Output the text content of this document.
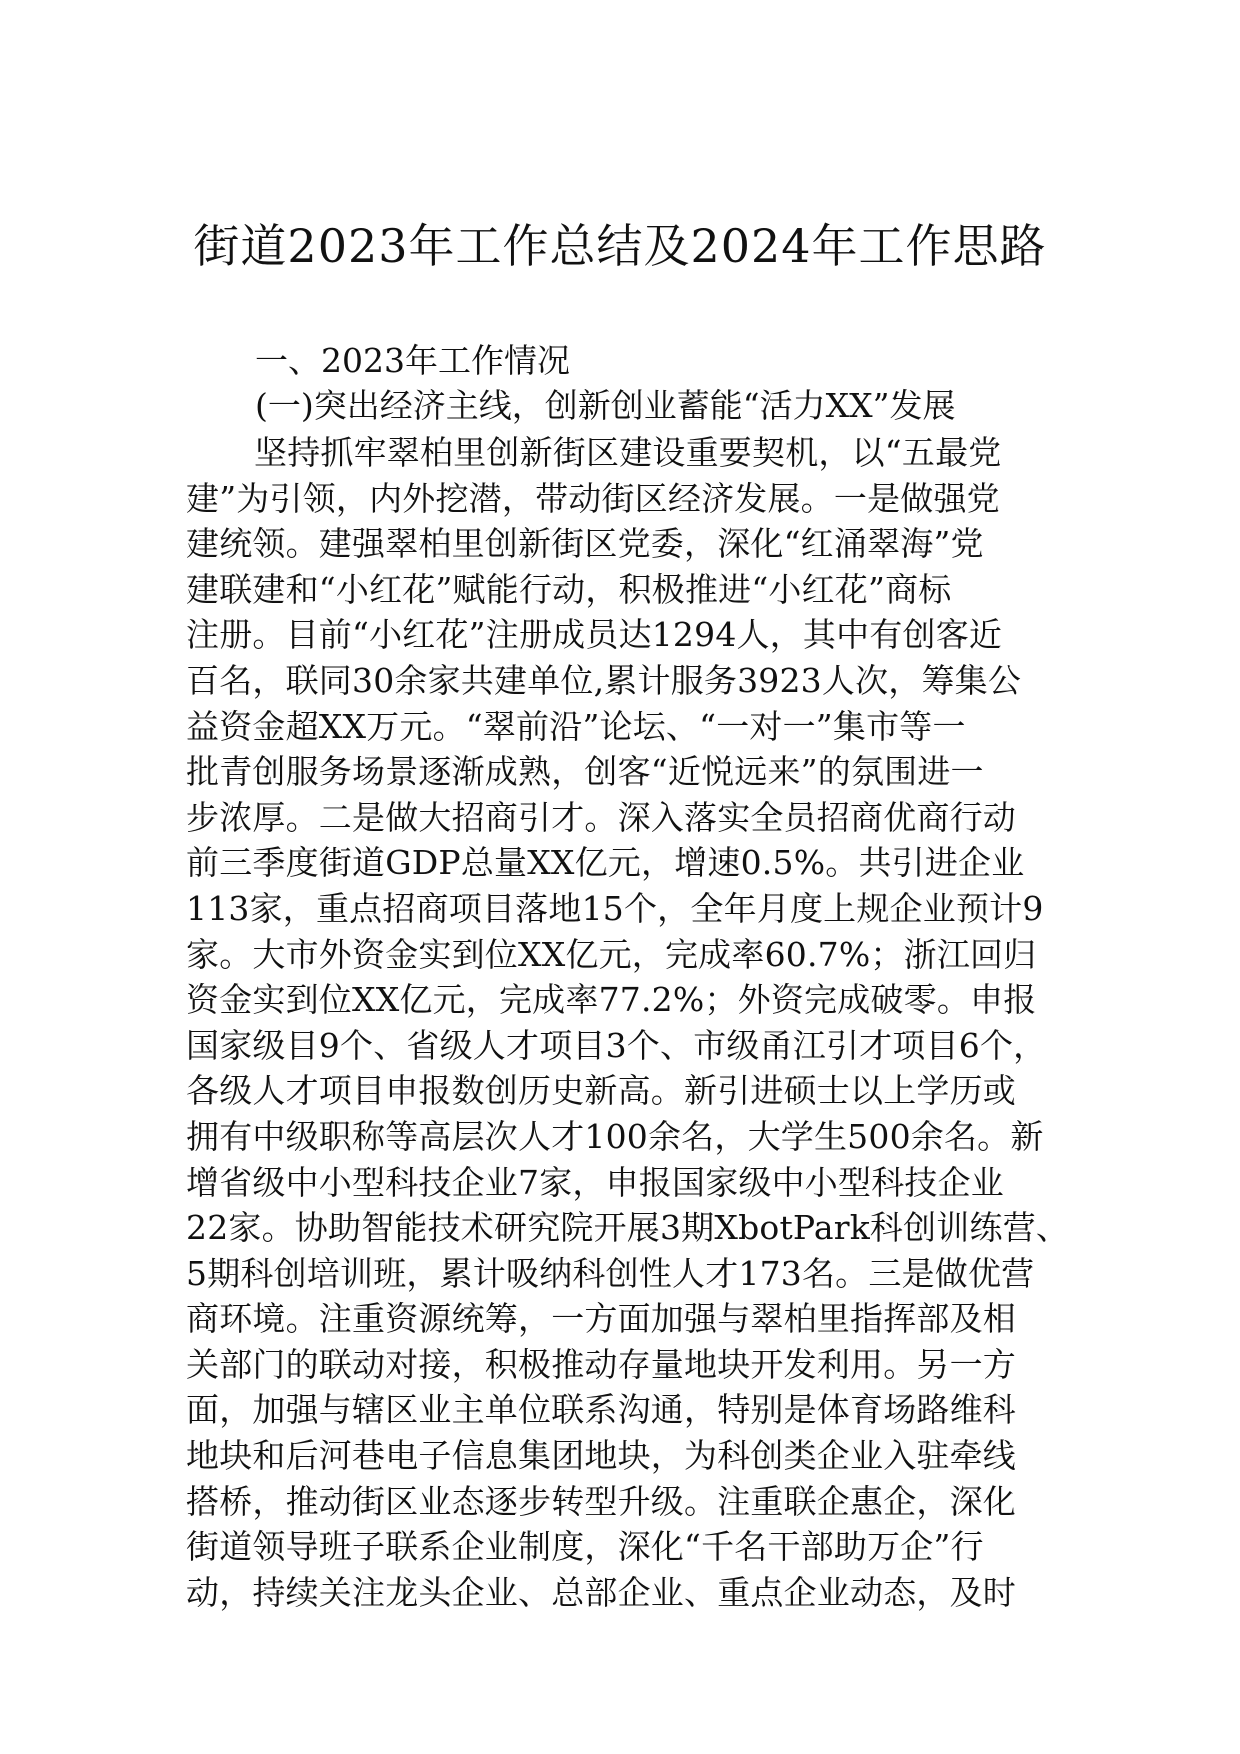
街道2023年工作总结及2024年工作思路

一、2023年工作情况

(一)突出经济主线，创新创业蓄能“活力XX”发展

坚持抓牢翠柏里创新街区建设重要契机，以“五最党
建”为引领，内外挖潜，带动街区经济发展。一是做强党
建统领。建强翠柏里创新街区党委，深化“红涌翠海”党
建联建和“小红花”赋能行动，积极推进“小红花”商标
注册。目前“小红花”注册成员达1294人，其中有创客近
百名，联同30余家共建单位,累计服务3923人次，筹集公
益资金超XX万元。“翠前沿”论坛、“一对一”集市等一
批青创服务场景逐渐成熟，创客“近悦远来”的氛围进一
步浓厚。二是做大招商引才。深入落实全员招商优商行动
前三季度街道GDP总量XX亿元，增速0.5%。共引进企业
113家，重点招商项目落地15个，全年月度上规企业预计9
家。大市外资金实到位XX亿元，完成率60.7%；浙江回归
资金实到位XX亿元，完成率77.2%；外资完成破零。申报
国家级目9个、省级人才项目3个、市级甬江引才项目6个，
各级人才项目申报数创历史新高。新引进硕士以上学历或
拥有中级职称等高层次人才100余名，大学生500余名。新
增省级中小型科技企业7家，申报国家级中小型科技企业
22家。协助智能技术研究院开展3期XbotPark科创训练营、
5期科创培训班，累计吸纳科创性人才173名。三是做优营
商环境。注重资源统筹，一方面加强与翠柏里指挥部及相
关部门的联动对接，积极推动存量地块开发利用。另一方
面，加强与辖区业主单位联系沟通，特别是体育场路维科
地块和后河巷电子信息集团地块，为科创类企业入驻牵线
搭桥，推动街区业态逐步转型升级。注重联企惠企，深化
街道领导班子联系企业制度，深化“千名干部助万企”行
动，持续关注龙头企业、总部企业、重点企业动态，及时
